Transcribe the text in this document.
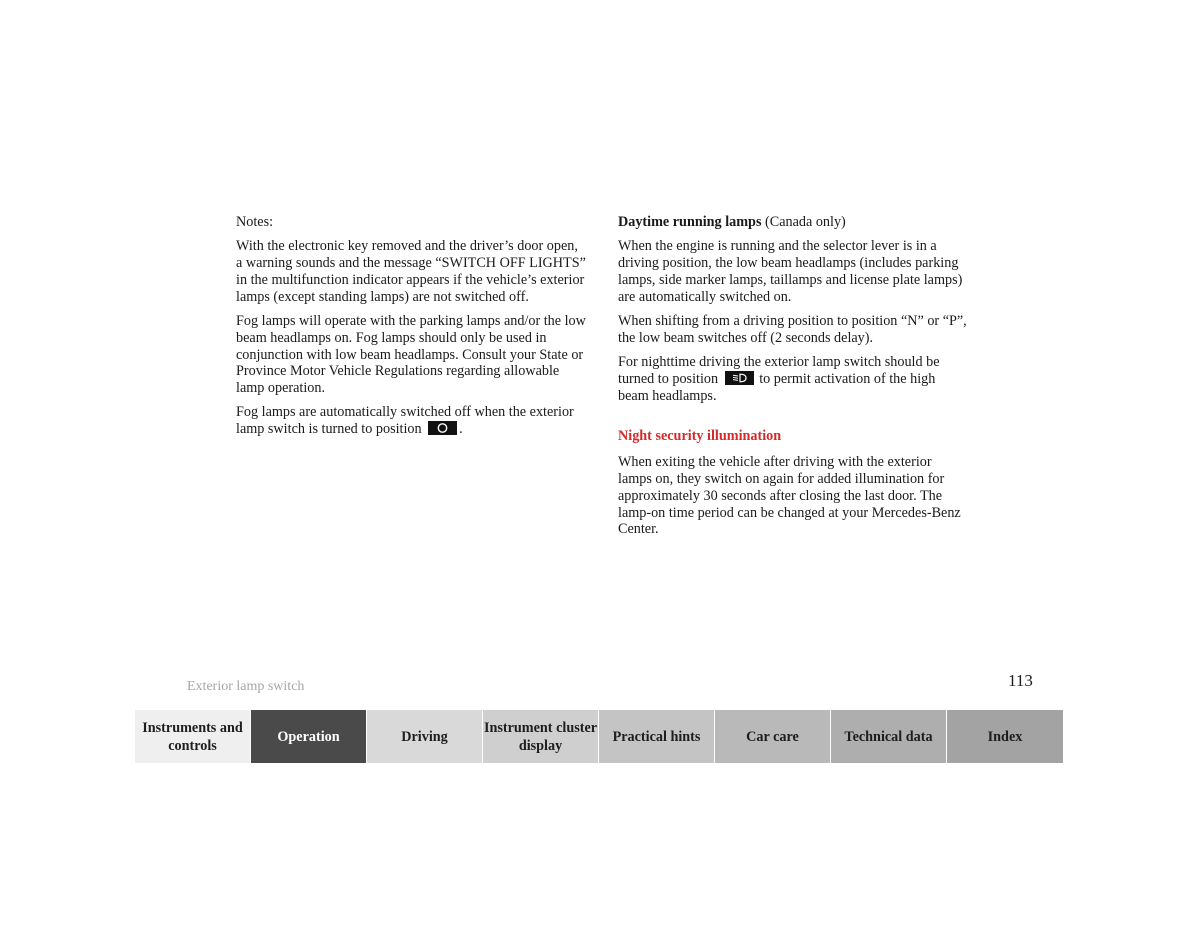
Notes:

With the electronic key removed and the driver’s door open, a warning sounds and the message “SWITCH OFF LIGHTS” in the multifunction indicator appears if the vehicle’s exterior lamps (except standing lamps) are not switched off.

Fog lamps will operate with the parking lamps and/or the low beam headlamps on. Fog lamps should only be used in conjunction with low beam headlamps. Consult your State or Province Motor Vehicle Regulations regarding allowable lamp operation.

Fog lamps are automatically switched off when the exterior lamp switch is turned to position
.

Daytime running lamps (Canada only)

When the engine is running and the selector lever is in a driving position, the low beam headlamps (includes parking lamps, side marker lamps, taillamps and license plate lamps) are automatically switched on.

When shifting from a driving position to position “N” or “P”, the low beam switches off (2 seconds delay).

For nighttime driving the exterior lamp switch should be turned to position
to permit activation of the high beam headlamps.

Night security illumination

When exiting the vehicle after driving with the exterior lamps on, they switch on again for added illumination for approximately 30 seconds after closing the last door. The lamp-on time period can be changed at your Mercedes-Benz Center.

Exterior lamp switch	113
Instruments and controls
Operation	Driving
Instrument cluster display
Practical hints	Car care	Technical data	Index
